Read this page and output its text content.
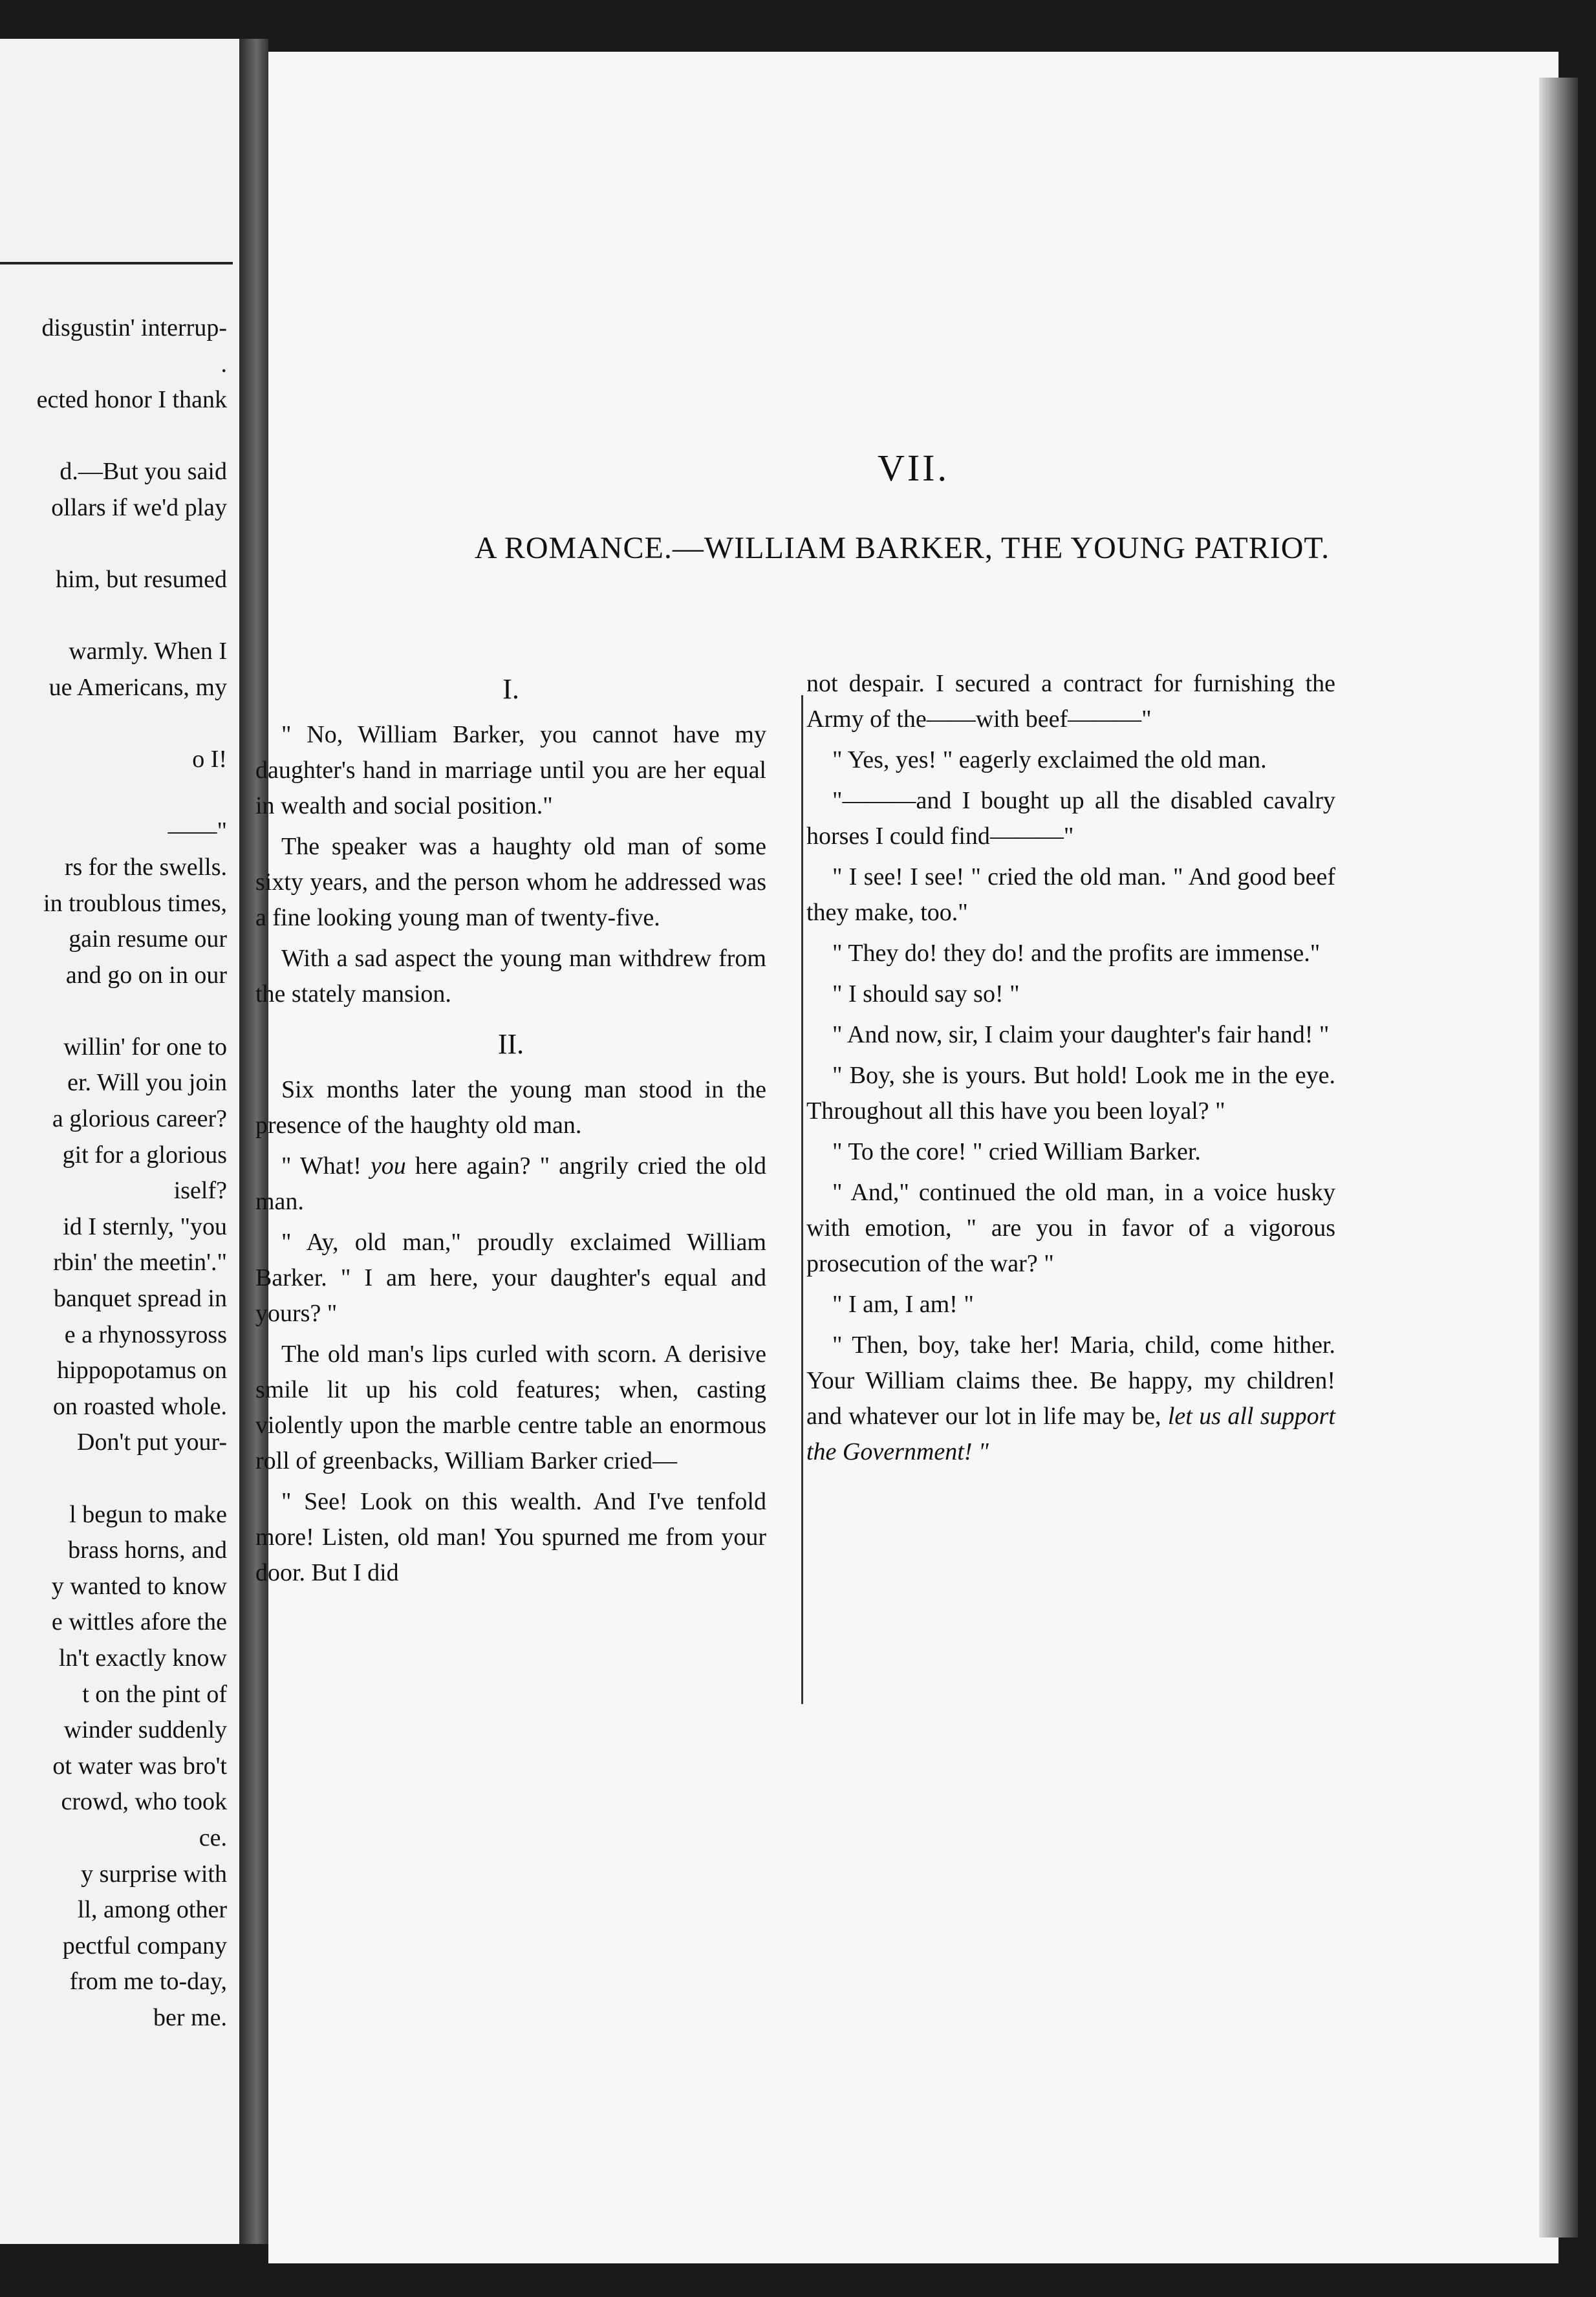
disgustin' interrup-
.
ected honor I thank
d.—But you said
ollars if we'd play
him, but resumed
warmly. When I
ue Americans, my
o I!
——"
rs for the swells.
in troublous times,
gain resume our
and go on in our
willin' for one to
er. Will you join
a glorious career?
git for a glorious
iself?
id I sternly, "you
rbin' the meetin'."
banquet spread in
e a rhynossyross
hippopotamus on
on roasted whole.
Don't put your-
l begun to make
brass horns, and
y wanted to know
e wittles afore the
ln't exactly know
t on the pint of
winder suddenly
ot water was bro't
crowd, who took
ce.
y surprise with
ll, among other
pectful company
from me to-day,
ber me.
VII.
A ROMANCE.—WILLIAM BARKER, THE YOUNG PATRIOT.
I.

" No, William Barker, you cannot have my daughter's hand in marriage until you are her equal in wealth and social position."

The speaker was a haughty old man of some sixty years, and the person whom he addressed was a fine looking young man of twenty-five.

With a sad aspect the young man withdrew from the stately mansion.

II.

Six months later the young man stood in the presence of the haughty old man.

" What! you here again? " angrily cried the old man.

" Ay, old man," proudly exclaimed William Barker. " I am here, your daughter's equal and yours? "

The old man's lips curled with scorn. A derisive smile lit up his cold features; when, casting violently upon the marble centre table an enormous roll of greenbacks, William Barker cried—

" See! Look on this wealth. And I've tenfold more! Listen, old man! You spurned me from your door. But I did

not despair. I secured a contract for furnishing the Army of the——with beef———"

" Yes, yes! " eagerly exclaimed the old man.

"———and I bought up all the disabled cavalry horses I could find———"

" I see! I see! " cried the old man. " And good beef they make, too."

" They do! they do! and the profits are immense."

" I should say so! "

" And now, sir, I claim your daughter's fair hand! "

" Boy, she is yours. But hold! Look me in the eye. Throughout all this have you been loyal? "

" To the core! " cried William Barker.

" And," continued the old man, in a voice husky with emotion, " are you in favor of a vigorous prosecution of the war? "

" I am, I am! "

" Then, boy, take her! Maria, child, come hither. Your William claims thee. Be happy, my children! and whatever our lot in life may be, let us all support the Government! "
